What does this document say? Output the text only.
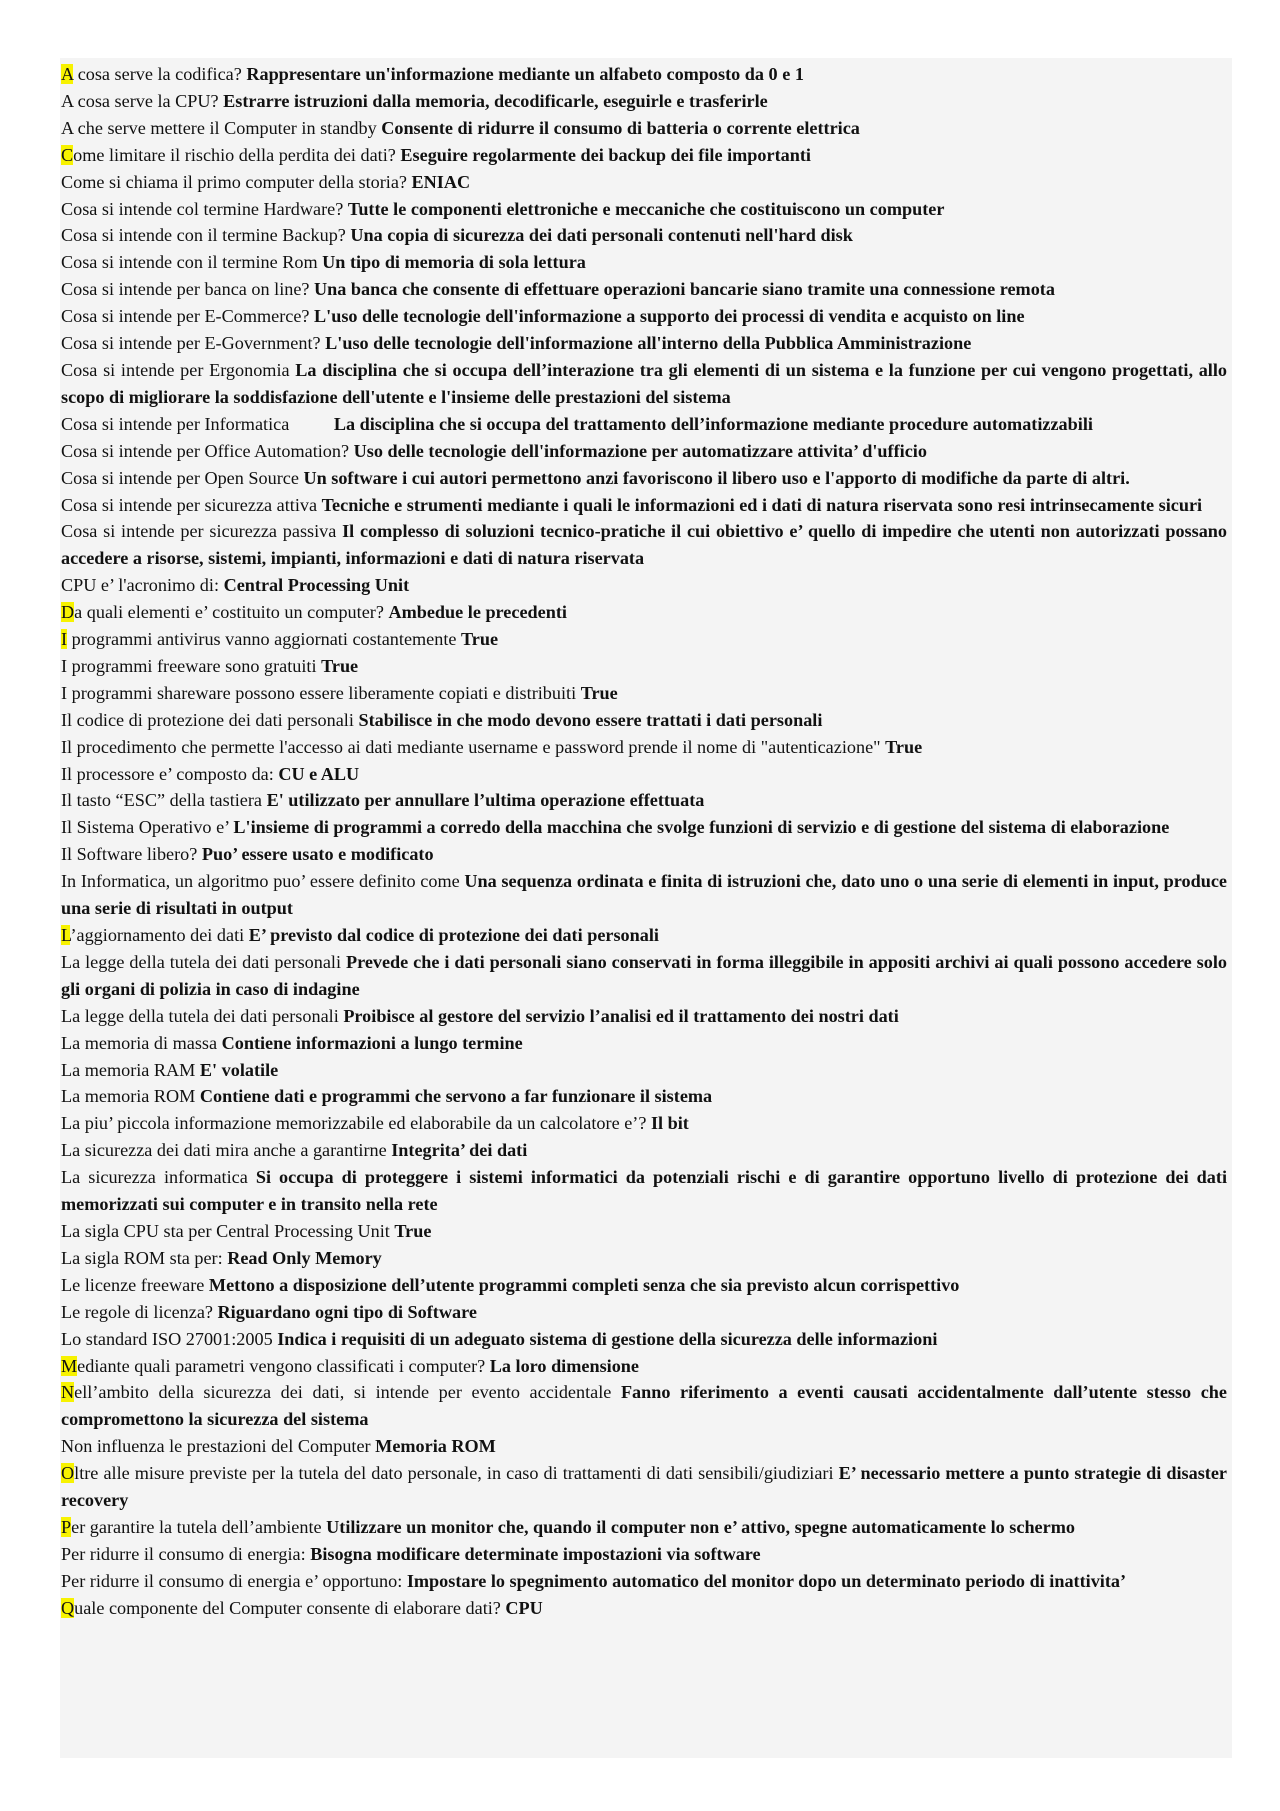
A cosa serve la codifica? Rappresentare un'informazione mediante un alfabeto composto da 0 e 1
A cosa serve la CPU? Estrarre istruzioni dalla memoria, decodificarle, eseguirle e trasferirle
A che serve mettere il Computer in standby Consente di ridurre il consumo di batteria o corrente elettrica
Come limitare il rischio della perdita dei dati? Eseguire regolarmente dei backup dei file importanti
Come si chiama il primo computer della storia? ENIAC
Cosa si intende col termine Hardware? Tutte le componenti elettroniche e meccaniche che costituiscono un computer
Cosa si intende con il termine Backup? Una copia di sicurezza dei dati personali contenuti nell'hard disk
Cosa si intende con il termine Rom Un tipo di memoria di sola lettura
Cosa si intende per banca on line? Una banca che consente di effettuare operazioni bancarie siano tramite una connessione remota
Cosa si intende per E-Commerce? L'uso delle tecnologie dell'informazione a supporto dei processi di vendita e acquisto on line
Cosa si intende per E-Government? L'uso delle tecnologie dell'informazione all'interno della Pubblica Amministrazione
Cosa si intende per Ergonomia La disciplina che si occupa dell’interazione tra gli elementi di un sistema e la funzione per cui vengono progettati, allo scopo di migliorare la soddisfazione dell'utente e l'insieme delle prestazioni del sistema
Cosa si intende per Informatica La disciplina che si occupa del trattamento dell’informazione mediante procedure automatizzabili
Cosa si intende per Office Automation? Uso delle tecnologie dell'informazione per automatizzare attivita’ d'ufficio
Cosa si intende per Open Source Un software i cui autori permettono anzi favoriscono il libero uso e l'apporto di modifiche da parte di altri.
Cosa si intende per sicurezza attiva Tecniche e strumenti mediante i quali le informazioni ed i dati di natura riservata sono resi intrinsecamente sicuri
Cosa si intende per sicurezza passiva Il complesso di soluzioni tecnico-pratiche il cui obiettivo e’ quello di impedire che utenti non autorizzati possano accedere a risorse, sistemi, impianti, informazioni e dati di natura riservata
CPU e’ l'acronimo di: Central Processing Unit
Da quali elementi e’ costituito un computer? Ambedue le precedenti
I programmi antivirus vanno aggiornati costantemente True
I programmi freeware sono gratuiti True
I programmi shareware possono essere liberamente copiati e distribuiti True
Il codice di protezione dei dati personali Stabilisce in che modo devono essere trattati i dati personali
Il procedimento che permette l'accesso ai dati mediante username e password prende il nome di "autenticazione" True
Il processore e’ composto da: CU e ALU
Il tasto “ESC” della tastiera E' utilizzato per annullare l’ultima operazione effettuata
Il Sistema Operativo e’ L'insieme di programmi a corredo della macchina che svolge funzioni di servizio e di gestione del sistema di elaborazione
Il Software libero? Puo’ essere usato e modificato
In Informatica, un algoritmo puo’ essere definito come Una sequenza ordinata e finita di istruzioni che, dato uno o una serie di elementi in input, produce una serie di risultati in output
L’aggiornamento dei dati E’ previsto dal codice di protezione dei dati personali
La legge della tutela dei dati personali Prevede che i dati personali siano conservati in forma illeggibile in appositi archivi ai quali possono accedere solo gli organi di polizia in caso di indagine
La legge della tutela dei dati personali Proibisce al gestore del servizio l’analisi ed il trattamento dei nostri dati
La memoria di massa Contiene informazioni a lungo termine
La memoria RAM E' volatile
La memoria ROM Contiene dati e programmi che servono a far funzionare il sistema
La piu’ piccola informazione memorizzabile ed elaborabile da un calcolatore e’? Il bit
La sicurezza dei dati mira anche a garantirne Integrita’ dei dati
La sicurezza informatica Si occupa di proteggere i sistemi informatici da potenziali rischi e di garantire opportuno livello di protezione dei dati memorizzati sui computer e in transito nella rete
La sigla CPU sta per Central Processing Unit True
La sigla ROM sta per: Read Only Memory
Le licenze freeware Mettono a disposizione dell’utente programmi completi senza che sia previsto alcun corrispettivo
Le regole di licenza? Riguardano ogni tipo di Software
Lo standard ISO 27001:2005 Indica i requisiti di un adeguato sistema di gestione della sicurezza delle informazioni
Mediante quali parametri vengono classificati i computer? La loro dimensione
Nell’ambito della sicurezza dei dati, si intende per evento accidentale Fanno riferimento a eventi causati accidentalmente dall’utente stesso che compromettono la sicurezza del sistema
Non influenza le prestazioni del Computer Memoria ROM
Oltre alle misure previste per la tutela del dato personale, in caso di trattamenti di dati sensibili/giudiziari E’ necessario mettere a punto strategie di disaster recovery
Per garantire la tutela dell’ambiente Utilizzare un monitor che, quando il computer non e’ attivo, spegne automaticamente lo schermo
Per ridurre il consumo di energia: Bisogna modificare determinate impostazioni via software
Per ridurre il consumo di energia e’ opportuno: Impostare lo spegnimento automatico del monitor dopo un determinato periodo di inattivita’
Quale componente del Computer consente di elaborare dati? CPU
